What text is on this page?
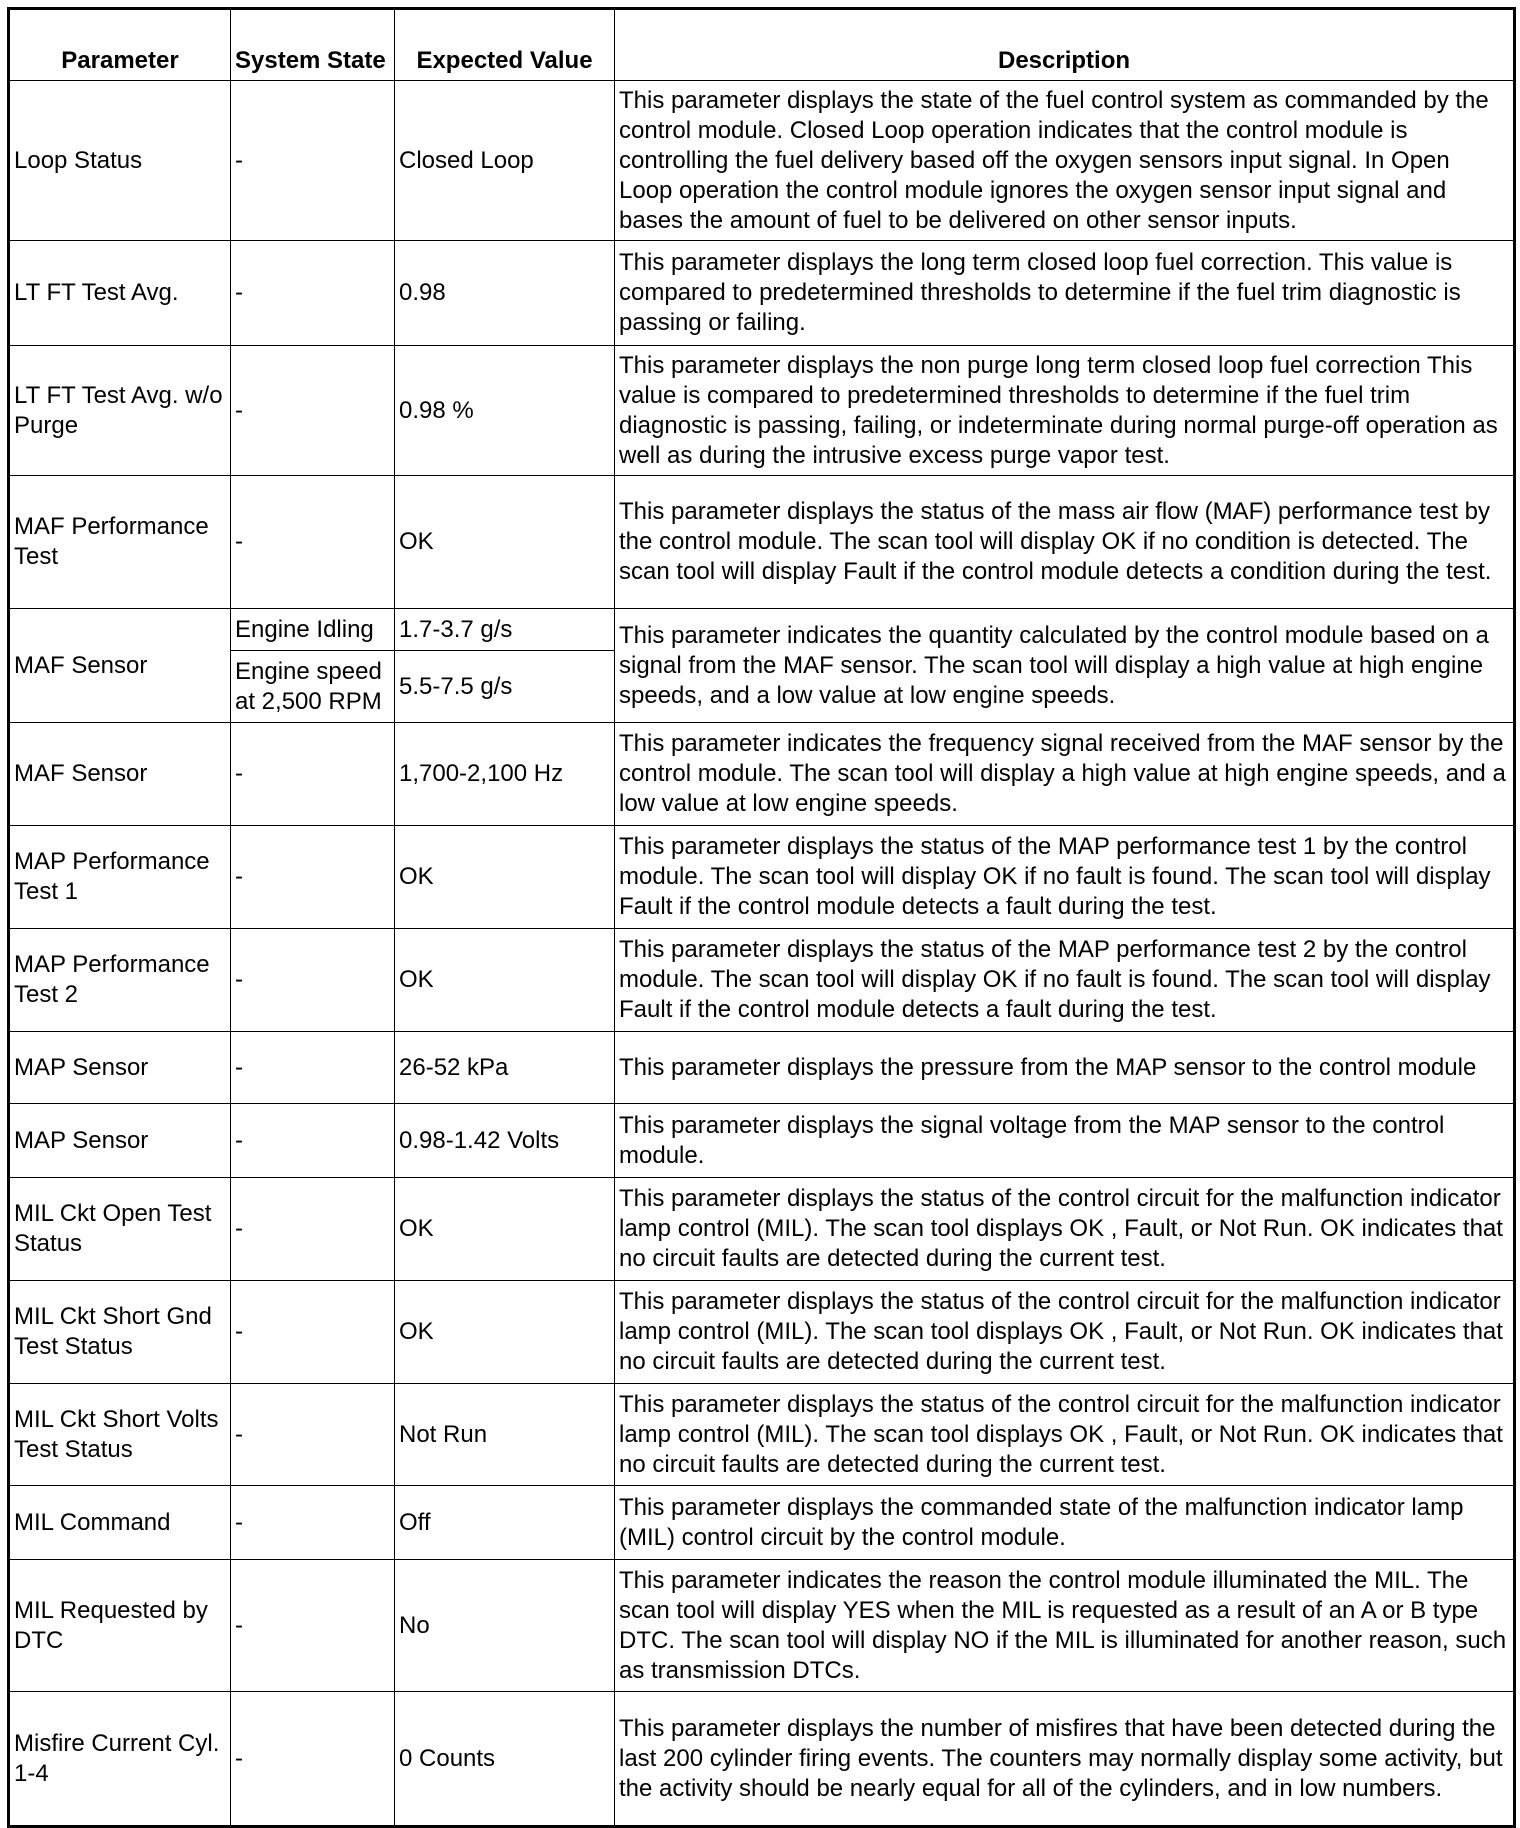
Parameter	System State	Expected Value	Description
Loop Status	-	Closed Loop	This parameter displays the state of the fuel control system as commanded by the control module. Closed Loop operation indicates that the control module is controlling the fuel delivery based off the oxygen sensors input signal. In Open Loop operation the control module ignores the oxygen sensor input signal and bases the amount of fuel to be delivered on other sensor inputs.
LT FT Test Avg.	-	0.98	This parameter displays the long term closed loop fuel correction. This value is compared to predetermined thresholds to determine if the fuel trim diagnostic is passing or failing.
LT FT Test Avg. w/o Purge	-	0.98 %	This parameter displays the non purge long term closed loop fuel correction This value is compared to predetermined thresholds to determine if the fuel trim diagnostic is passing, failing, or indeterminate during normal purge-off operation as well as during the intrusive excess purge vapor test.
MAF Performance Test	-	OK	This parameter displays the status of the mass air flow (MAF) performance test by the control module. The scan tool will display OK if no condition is detected. The scan tool will display Fault if the control module detects a condition during the test.
MAF Sensor	Engine Idling	1.7-3.7 g/s	This parameter indicates the quantity calculated by the control module based on a signal from the MAF sensor. The scan tool will display a high value at high engine speeds, and a low value at low engine speeds.
	Engine speed at 2,500 RPM	5.5-7.5 g/s	
MAF Sensor	-	1,700-2,100 Hz	This parameter indicates the frequency signal received from the MAF sensor by the control module. The scan tool will display a high value at high engine speeds, and a low value at low engine speeds.
MAP Performance Test 1	-	OK	This parameter displays the status of the MAP performance test 1 by the control module. The scan tool will display OK if no fault is found. The scan tool will display Fault if the control module detects a fault during the test.
MAP Performance Test 2	-	OK	This parameter displays the status of the MAP performance test 2 by the control module. The scan tool will display OK if no fault is found. The scan tool will display Fault if the control module detects a fault during the test.
MAP Sensor	-	26-52 kPa	This parameter displays the pressure from the MAP sensor to the control module
MAP Sensor	-	0.98-1.42 Volts	This parameter displays the signal voltage from the MAP sensor to the control module.
MIL Ckt Open Test Status	-	OK	This parameter displays the status of the control circuit for the malfunction indicator lamp control (MIL). The scan tool displays OK , Fault, or Not Run. OK indicates that no circuit faults are detected during the current test.
MIL Ckt Short Gnd Test Status	-	OK	This parameter displays the status of the control circuit for the malfunction indicator lamp control (MIL). The scan tool displays OK , Fault, or Not Run. OK indicates that no circuit faults are detected during the current test.
MIL Ckt Short Volts Test Status	-	Not Run	This parameter displays the status of the control circuit for the malfunction indicator lamp control (MIL). The scan tool displays OK , Fault, or Not Run. OK indicates that no circuit faults are detected during the current test.
MIL Command	-	Off	This parameter displays the commanded state of the malfunction indicator lamp (MIL) control circuit by the control module.
MIL Requested by DTC	-	No	This parameter indicates the reason the control module illuminated the MIL. The scan tool will display YES when the MIL is requested as a result of an A or B type DTC. The scan tool will display NO if the MIL is illuminated for another reason, such as transmission DTCs.
Misfire Current Cyl. 1-4	-	0 Counts	This parameter displays the number of misfires that have been detected during the last 200 cylinder firing events. The counters may normally display some activity, but the activity should be nearly equal for all of the cylinders, and in low numbers.
